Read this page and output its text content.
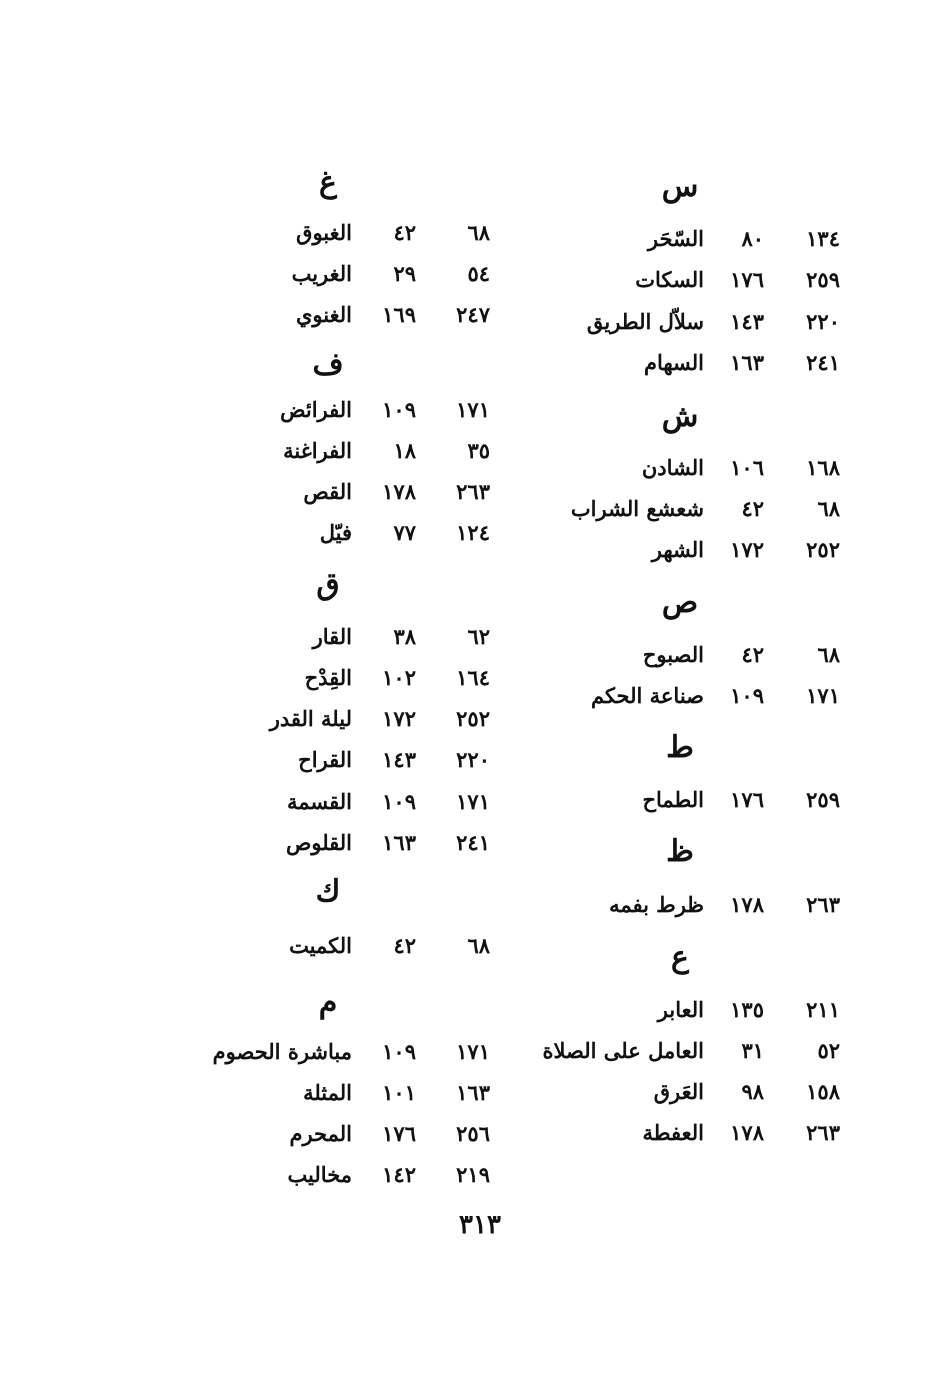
س
١٣٤
٨٠
السّحَر
٢٥٩
١٧٦
السكات
٢٢٠
١٤٣
سلاّل الطريق
٢٤١
١٦٣
السهام
ش
١٦٨
١٠٦
الشادن
٦٨
٤٢
شعشع الشراب
٢٥٢
١٧٢
الشهر
ص
٦٨
٤٢
الصبوح
١٧١
١٠٩
صناعة الحكم
ط
٢٥٩
١٧٦
الطماح
ظ
٢٦٣
١٧٨
ظرط بفمه
ع
٢١١
١٣٥
العابر
٥٢
٣١
العامل على الصلاة
١٥٨
٩٨
العَرق
٢٦٣
١٧٨
العفطة
غ
٦٨
٤٢
الغبوق
٥٤
٢٩
الغريب
٢٤٧
١٦٩
الغنوي
ف
١٧١
١٠٩
الفرائض
٣٥
١٨
الفراغنة
٢٦٣
١٧٨
القص
١٢٤
٧٧
فيّل
ق
٦٢
٣٨
القار
١٦٤
١٠٢
القِدْح
٢٥٢
١٧٢
ليلة القدر
٢٢٠
١٤٣
القراح
١٧١
١٠٩
القسمة
٢٤١
١٦٣
القلوص
ك
٦٨
٤٢
الكميت
م
١٧١
١٠٩
مباشرة الحصوم
١٦٣
١٠١
المثلة
٢٥٦
١٧٦
المحرم
٢١٩
١٤٢
مخاليب
٣١٣
